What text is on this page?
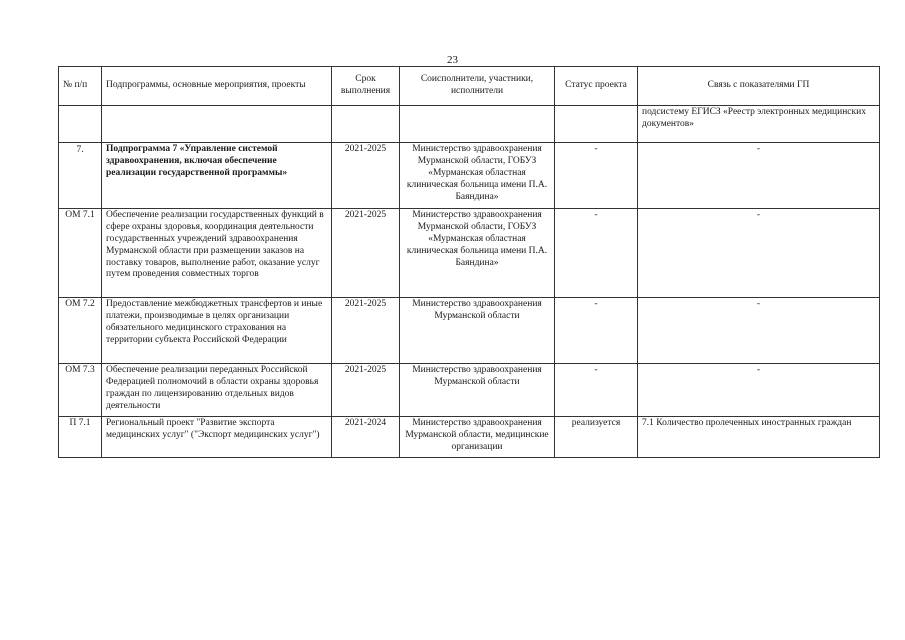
23
№ п/п	Подпрограммы, основные мероприятия, проекты	Срок выполнения	Соисполнители, участники, исполнители	Статус проекта	Связь с показателями ГП
					подсистему ЕГИСЗ «Реестр электронных медицинских документов»
7.	Подпрограмма 7 «Управление системой здравоохранения, включая обеспечение реализации государственной программы»	2021-2025	Министерство здравоохранения Мурманской области, ГОБУЗ «Мурманская областная клиническая больница имени П.А. Баяндина»	-	-
ОМ 7.1	Обеспечение реализации государственных функций в сфере охраны здоровья, координация деятельности государственных учреждений здравоохранения Мурманской области при размещении заказов на поставку товаров, выполнение работ, оказание услуг путем проведения совместных торгов	2021-2025	Министерство здравоохранения Мурманской области, ГОБУЗ «Мурманская областная клиническая больница имени П.А. Баяндина»	-	-
ОМ 7.2	Предоставление межбюджетных трансфертов и иные платежи, производимые в целях организации обязательного медицинского страхования на территории субъекта Российской Федерации	2021-2025	Министерство здравоохранения Мурманской области	-	-
ОМ 7.3	Обеспечение реализации переданных Российской Федерацией полномочий в области охраны здоровья граждан по лицензированию отдельных видов деятельности	2021-2025	Министерство здравоохранения Мурманской области	-	-
П 7.1	Региональный проект "Развитие экспорта медицинских услуг" ("Экспорт медицинских услуг")	2021-2024	Министерство здравоохранения Мурманской области, медицинские организации	реализуется	7.1 Количество пролеченных иностранных граждан
